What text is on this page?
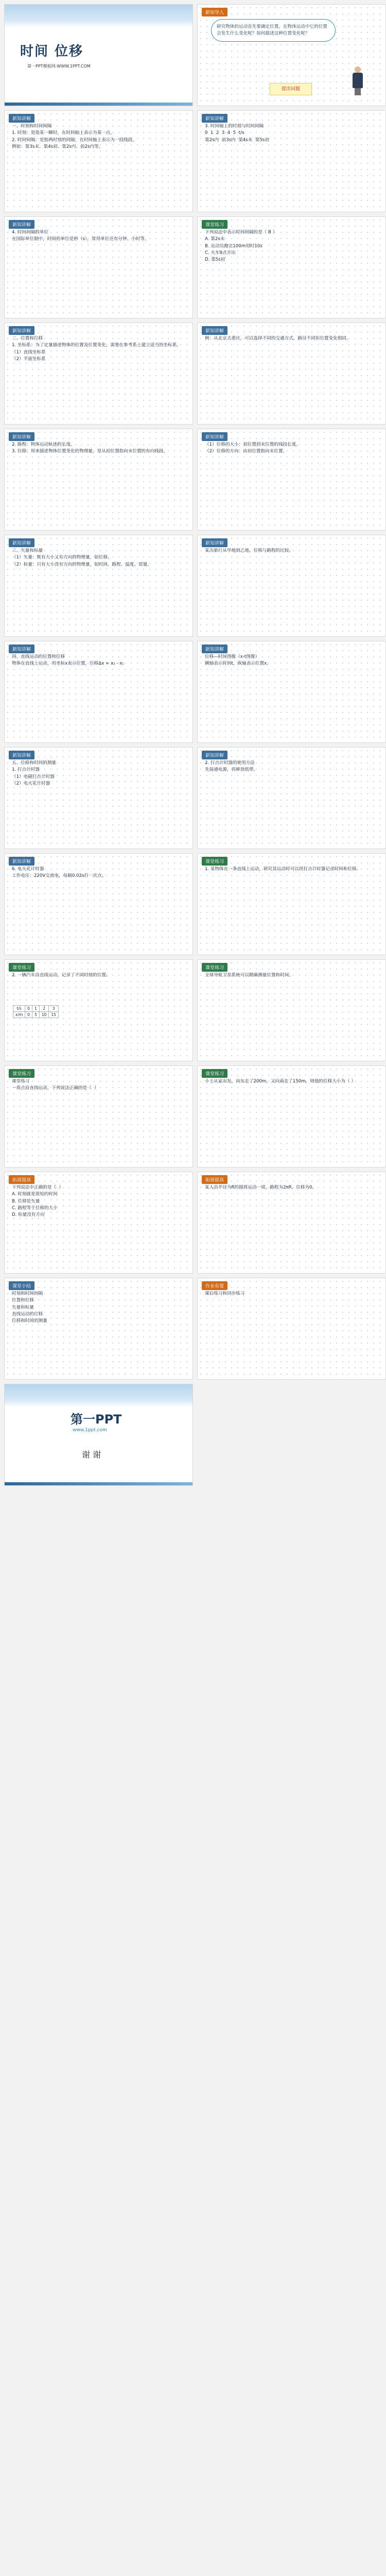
时间 位移
第一PPT模板网-WWW.1PPT.COM
新知导入
研究物体的运动首先要确定位置，在物体运动中它的位置会发生什么变化呢？如何描述这种位置变化呢？
提出问题
新知讲解
一、时刻和时间间隔
1. 时刻：是指某一瞬时，在时间轴上表示为某一点。
2. 时间间隔：是指两时刻的间隔，在时间轴上表示为一段线段。
例如：第3s末、第4s初、第2s内、前2s内等。
新知讲解
3. 时间轴上的时刻与时间间隔
0  1  2  3  4  5  t/s
第2s内  前3s内  第4s末  第5s初
新知讲解
4. 时间间隔的单位
在国际单位制中，时间的单位是秒（s），常用单位还有分钟、小时等。
课堂练习
下列说法中表示时间间隔的是（ B ）
A. 第2s末
B. 运动员跑完100m用时10s
C. 火车8点开出
D. 第5s初
新知讲解
二、位置和位移
1. 坐标系：为了定量描述物体的位置及位置变化，需要在参考系上建立适当的坐标系。
（1）直线坐标系
（2）平面坐标系
新知讲解
例：从北京去重庆，可以选择不同的交通方式，路径不同但位置变化相同。
新知讲解
2. 路程：物体运动轨迹的长度。
3. 位移：用来描述物体位置变化的物理量，是从初位置指向末位置的有向线段。
新知讲解
（1）位移的大小：初位置到末位置的线段长度。
（2）位移的方向：由初位置指向末位置。
新知讲解
三、矢量和标量
（1）矢量：既有大小又有方向的物理量，如位移。
（2）标量：只有大小没有方向的物理量，如时间、路程、温度、质量。
新知讲解
某次旅行从甲地到乙地，位移与路程的比较。
新知讲解
四、直线运动的位置和位移
物体在直线上运动，用坐标x表示位置，位移Δx = x₂ - x₁
新知讲解
位移—时间图像（x-t图像）
横轴表示时间t，纵轴表示位置x。
新知讲解
五、位移和时间的测量
1. 打点计时器
（1）电磁打点计时器
（2）电火花计时器
新知讲解
2. 打点计时器的使用方法
先接通电源，再释放纸带。
新知讲解
6. 电火花计时器
工作电压：220V交流电，每隔0.02s打一次点。
课堂练习
1. 某物体在一条直线上运动，研究其运动时可以用打点计时器记录时间和位移。
课堂练习
2. 一辆汽车沿直线运动，记录了不同时刻的位置。
t/s	0	1	2	3
x/m	0	5	10	15
课堂练习
全球导航卫星系统可以精确测量位置和时间。
课堂练习
课堂练习
一质点沿直线运动，下列说法正确的是（  ）
课堂练习
小王从家出发，向东走了200m，又向南走了150m，则他的位移大小为（ ）
拓展提高
下列说法中正确的是（  ）
A. 时刻就是很短的时间
B. 位移是矢量
C. 路程等于位移的大小
D. 标量没有方向
拓展提高
某人沿半径为R的圆周运动一周，路程为2πR，位移为0。
课堂小结
时刻和时间间隔
位置和位移
矢量和标量
直线运动的位移
位移和时间的测量
作业布置
课后练习和同步练习
第一PPT
www.1ppt.com
谢 谢
